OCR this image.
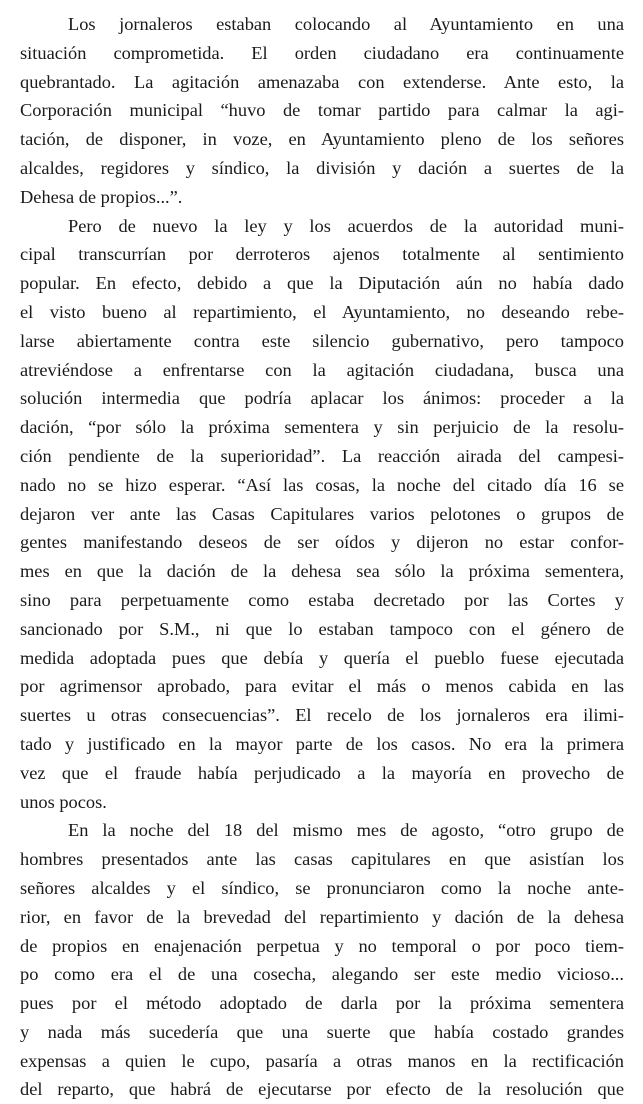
Los jornaleros estaban colocando al Ayuntamiento en una
situación comprometida. El orden ciudadano era continuamente
quebrantado. La agitación amenazaba con extenderse. Ante esto, la
Corporación municipal “huvo de tomar partido para calmar la agi-
tación, de disponer, in voze, en Ayuntamiento pleno de los señores
alcaldes, regidores y síndico, la división y dación a suertes de la
Dehesa de propios...”.
Pero de nuevo la ley y los acuerdos de la autoridad muni-
cipal transcurrían por derroteros ajenos totalmente al sentimiento
popular. En efecto, debido a que la Diputación aún no había dado
el visto bueno al repartimiento, el Ayuntamiento, no deseando rebe-
larse abiertamente contra este silencio gubernativo, pero tampoco
atreviéndose a enfrentarse con la agitación ciudadana, busca una
solución intermedia que podría aplacar los ánimos: proceder a la
dación, “por sólo la próxima sementera y sin perjuicio de la resolu-
ción pendiente de la superioridad”. La reacción airada del campesi-
nado no se hizo esperar. “Así las cosas, la noche del citado día 16 se
dejaron ver ante las Casas Capitulares varios pelotones o grupos de
gentes manifestando deseos de ser oídos y dijeron no estar confor-
mes en que la dación de la dehesa sea sólo la próxima sementera,
sino para perpetuamente como estaba decretado por las Cortes y
sancionado por S.M., ni que lo estaban tampoco con el género de
medida adoptada pues que debía y quería el pueblo fuese ejecutada
por agrimensor aprobado, para evitar el más o menos cabida en las
suertes u otras consecuencias”. El recelo de los jornaleros era ilimi-
tado y justificado en la mayor parte de los casos. No era la primera
vez que el fraude había perjudicado a la mayoría en provecho de
unos pocos.
En la noche del 18 del mismo mes de agosto, “otro grupo de
hombres presentados ante las casas capitulares en que asistían los
señores alcaldes y el síndico, se pronunciaron como la noche ante-
rior, en favor de la brevedad del repartimiento y dación de la dehesa
de propios en enajenación perpetua y no temporal o por poco tiem-
po como era el de una cosecha, alegando ser este medio vicioso...
pues por el método adoptado de darla por la próxima sementera
y nada más sucedería que una suerte que había costado grandes
expensas a quien le cupo, pasaría a otras manos en la rectificación
del reparto, que habrá de ejecutarse por efecto de la resolución que
